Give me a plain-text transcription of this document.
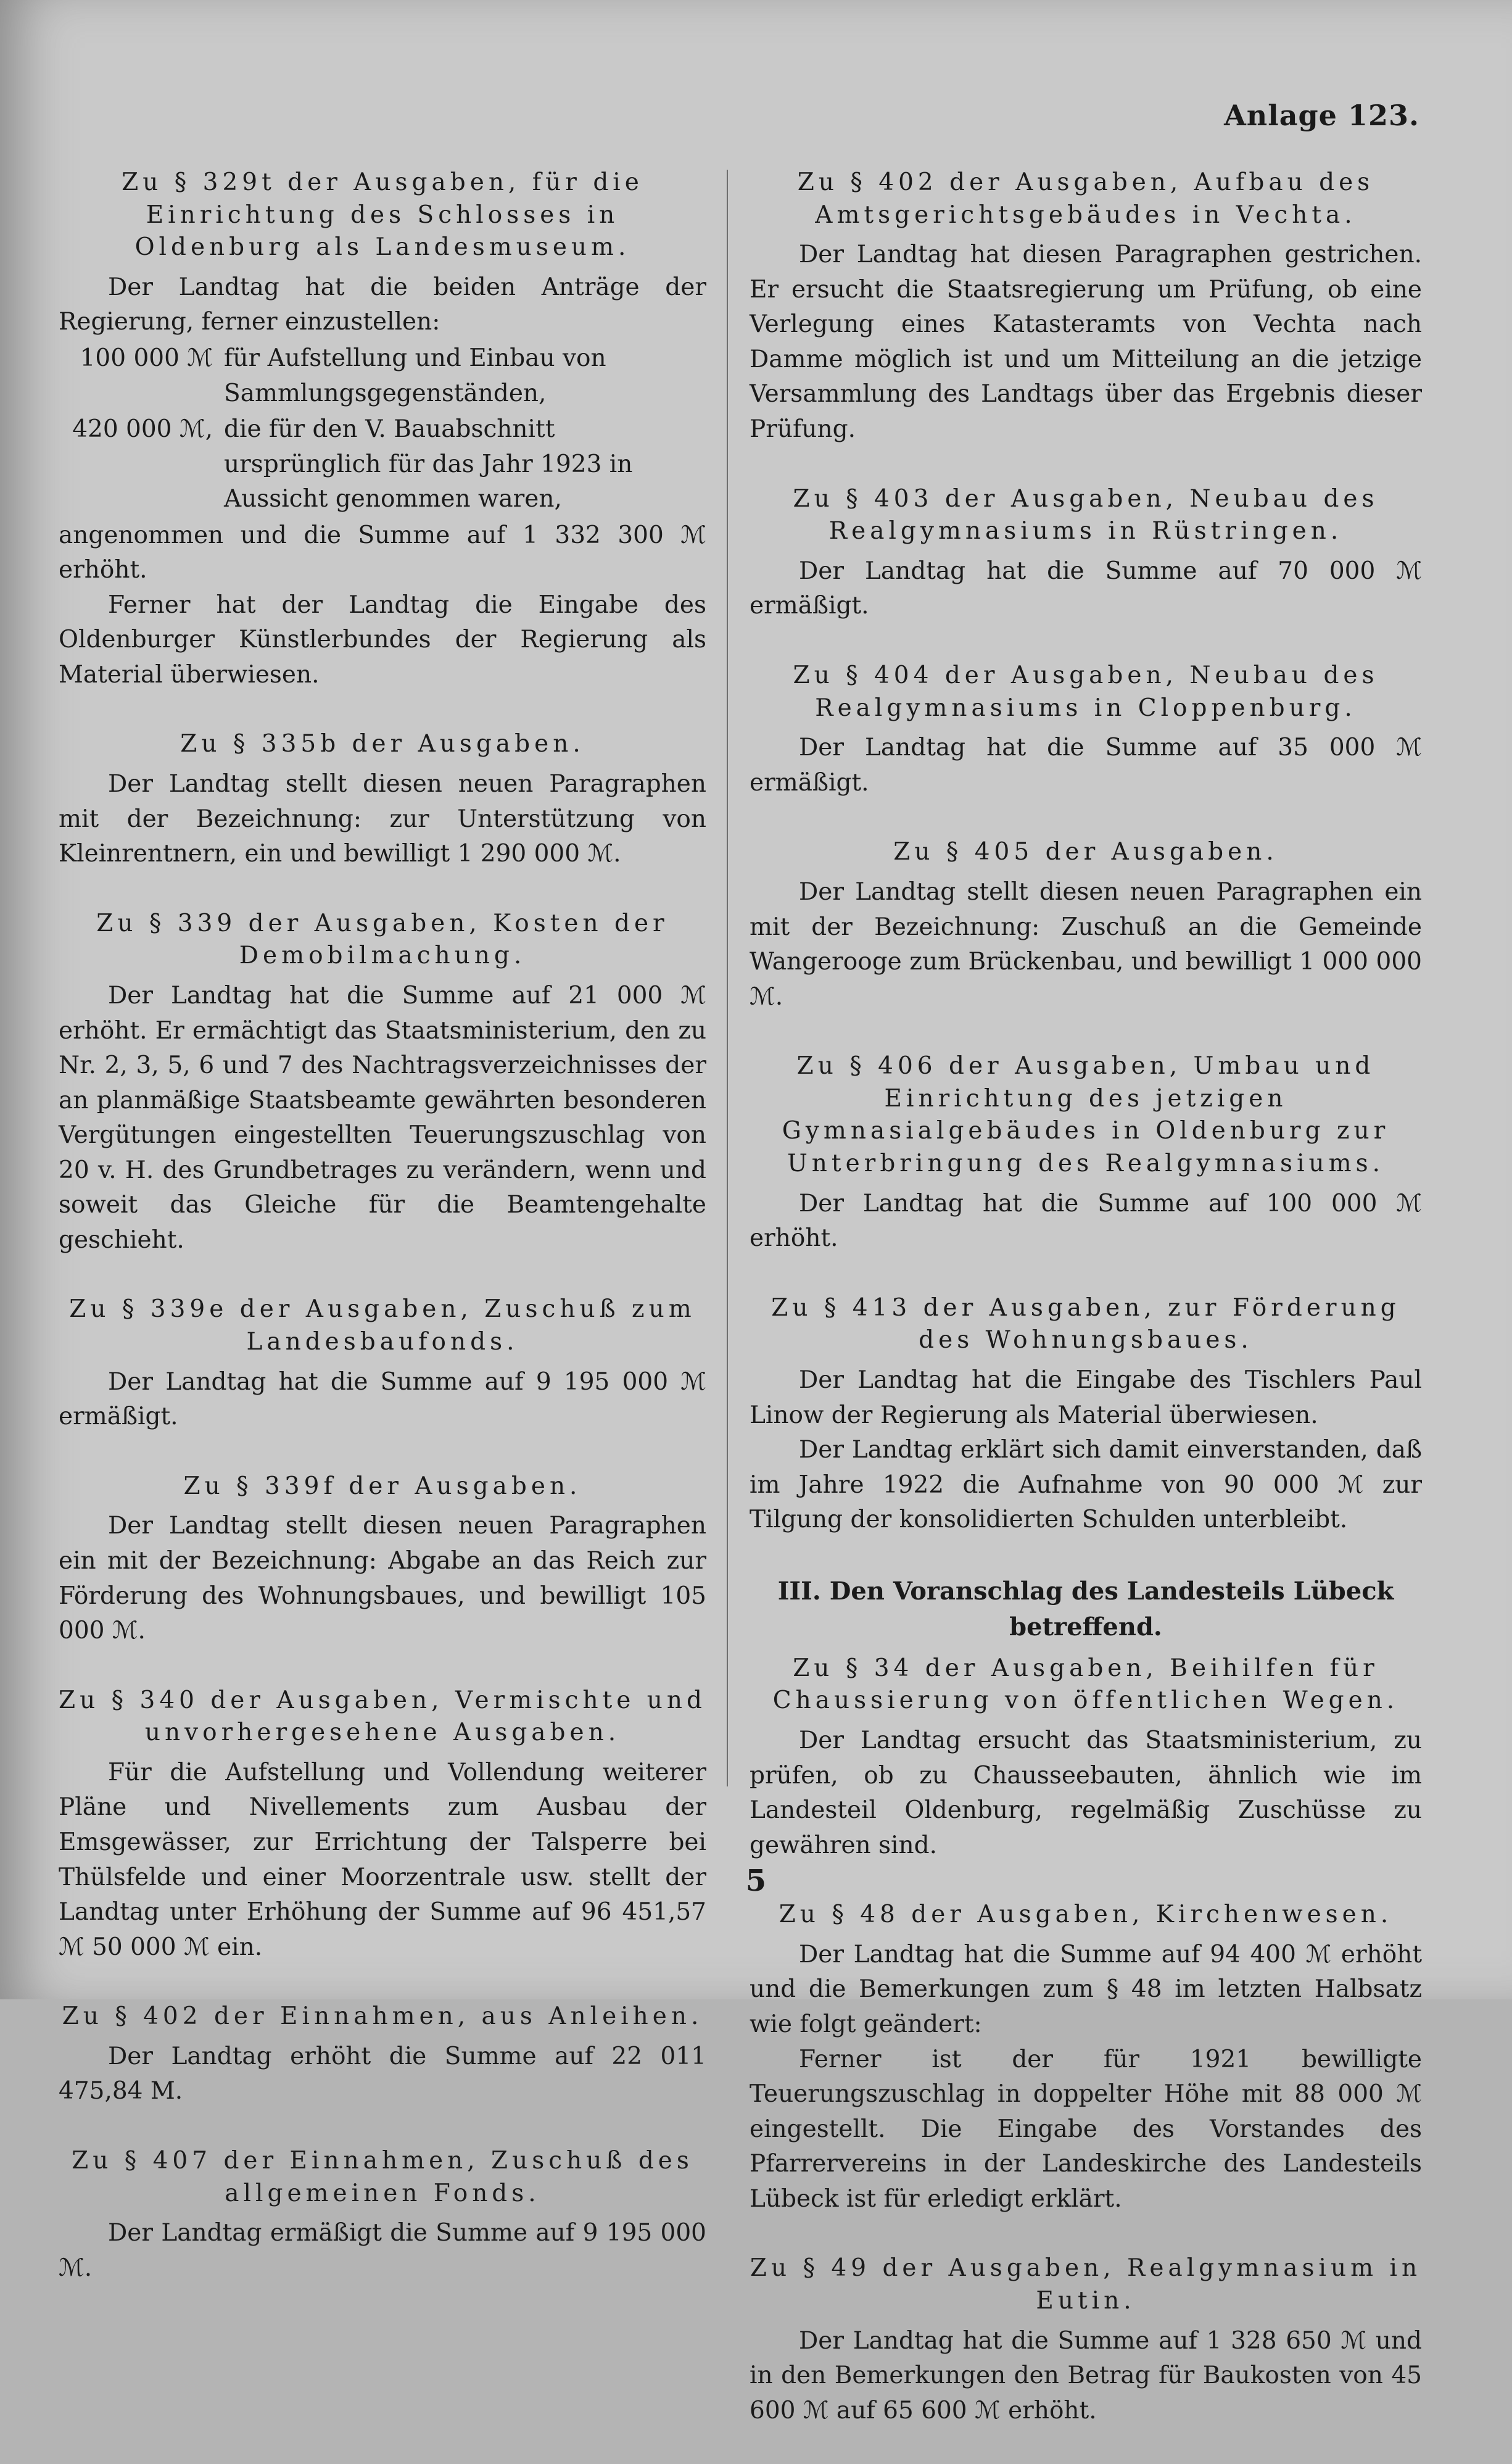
Anlage 123.

Zu § 329t der Ausgaben, für die Einrichtung des Schlosses in Oldenburg als Landesmuseum.

Der Landtag hat die beiden Anträge der Regierung, ferner einzustellen:

100 000 ℳ für Aufstellung und Einbau von Sammlungsgegenständen,
420 000 ℳ, die für den V. Bauabschnitt ursprünglich für das Jahr 1923 in Aussicht genommen waren,

angenommen und die Summe auf 1 332 300 ℳ erhöht.

Ferner hat der Landtag die Eingabe des Oldenburger Künstlerbundes der Regierung als Material überwiesen.

Zu § 335b der Ausgaben.

Der Landtag stellt diesen neuen Paragraphen mit der Bezeichnung: zur Unterstützung von Kleinrentnern, ein und bewilligt 1 290 000 ℳ.

Zu § 339 der Ausgaben, Kosten der Demobilmachung.

Der Landtag hat die Summe auf 21 000 ℳ erhöht. Er ermächtigt das Staatsministerium, den zu Nr. 2, 3, 5, 6 und 7 des Nachtragsverzeichnisses der an planmäßige Staatsbeamte gewährten besonderen Vergütungen eingestellten Teuerungszuschlag von 20 v. H. des Grundbetrages zu verändern, wenn und soweit das Gleiche für die Beamtengehalte geschieht.

Zu § 339e der Ausgaben, Zuschuß zum Landesbaufonds.

Der Landtag hat die Summe auf 9 195 000 ℳ ermäßigt.

Zu § 339f der Ausgaben.

Der Landtag stellt diesen neuen Paragraphen ein mit der Bezeichnung: Abgabe an das Reich zur Förderung des Wohnungsbaues, und bewilligt 105 000 ℳ.

Zu § 340 der Ausgaben, Vermischte und unvorhergesehene Ausgaben.

Für die Aufstellung und Vollendung weiterer Pläne und Nivellements zum Ausbau der Emsgewässer, zur Errichtung der Talsperre bei Thülsfelde und einer Moorzentrale usw. stellt der Landtag unter Erhöhung der Summe auf 96 451,57 ℳ 50 000 ℳ ein.

Zu § 402 der Einnahmen, aus Anleihen.

Der Landtag erhöht die Summe auf 22 011 475,84 M.

Zu § 407 der Einnahmen, Zuschuß des allgemeinen Fonds.

Der Landtag ermäßigt die Summe auf 9 195 000 ℳ.

Zu § 402 der Ausgaben, Aufbau des Amtsgerichtsgebäudes in Vechta.

Der Landtag hat diesen Paragraphen gestrichen. Er ersucht die Staatsregierung um Prüfung, ob eine Verlegung eines Katasteramts von Vechta nach Damme möglich ist und um Mitteilung an die jetzige Versammlung des Landtags über das Ergebnis dieser Prüfung.

Zu § 403 der Ausgaben, Neubau des Realgymnasiums in Rüstringen.

Der Landtag hat die Summe auf 70 000 ℳ ermäßigt.

Zu § 404 der Ausgaben, Neubau des Realgymnasiums in Cloppenburg.

Der Landtag hat die Summe auf 35 000 ℳ ermäßigt.

Zu § 405 der Ausgaben.

Der Landtag stellt diesen neuen Paragraphen ein mit der Bezeichnung: Zuschuß an die Gemeinde Wangerooge zum Brückenbau, und bewilligt 1 000 000 ℳ.

Zu § 406 der Ausgaben, Umbau und Einrichtung des jetzigen Gymnasialgebäudes in Oldenburg zur Unterbringung des Realgymnasiums.

Der Landtag hat die Summe auf 100 000 ℳ erhöht.

Zu § 413 der Ausgaben, zur Förderung des Wohnungsbaues.

Der Landtag hat die Eingabe des Tischlers Paul Linow der Regierung als Material überwiesen.

Der Landtag erklärt sich damit einverstanden, daß im Jahre 1922 die Aufnahme von 90 000 ℳ zur Tilgung der konsolidierten Schulden unterbleibt.

III. Den Voranschlag des Landesteils Lübeck betreffend.

Zu § 34 der Ausgaben, Beihilfen für Chaussierung von öffentlichen Wegen.

Der Landtag ersucht das Staatsministerium, zu prüfen, ob zu Chausseebauten, ähnlich wie im Landesteil Oldenburg, regelmäßig Zuschüsse zu gewähren sind.

Zu § 48 der Ausgaben, Kirchenwesen.

Der Landtag hat die Summe auf 94 400 ℳ erhöht und die Bemerkungen zum § 48 im letzten Halbsatz wie folgt geändert:

Ferner ist der für 1921 bewilligte Teuerungszuschlag in doppelter Höhe mit 88 000 ℳ eingestellt. Die Eingabe des Vorstandes des Pfarrervereins in der Landeskirche des Landesteils Lübeck ist für erledigt erklärt.

Zu § 49 der Ausgaben, Realgymnasium in Eutin.

Der Landtag hat die Summe auf 1 328 650 ℳ und in den Bemerkungen den Betrag für Baukosten von 45 600 ℳ auf 65 600 ℳ erhöht.

5
